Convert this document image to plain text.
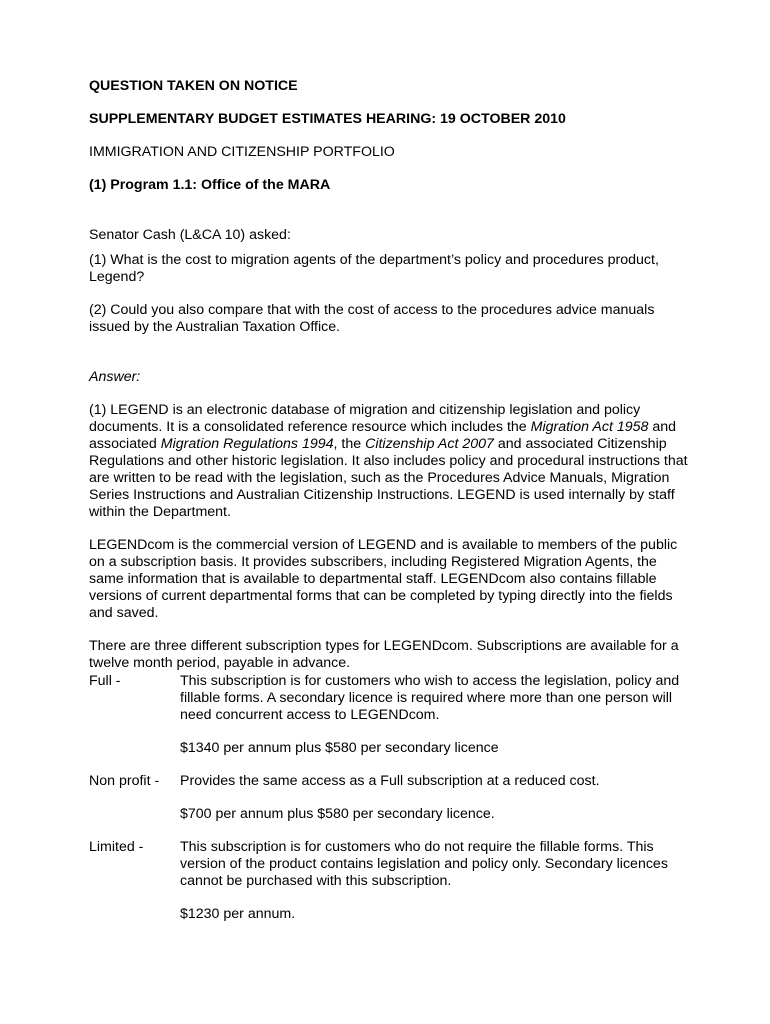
QUESTION TAKEN ON NOTICE

SUPPLEMENTARY BUDGET ESTIMATES HEARING: 19 OCTOBER 2010

IMMIGRATION AND CITIZENSHIP PORTFOLIO

(1) Program 1.1: Office of the MARA

Senator Cash (L&CA 10) asked:

(1) What is the cost to migration agents of the department’s policy and procedures product, Legend?

(2) Could you also compare that with the cost of access to the procedures advice manuals issued by the Australian Taxation Office.

Answer:

(1) LEGEND is an electronic database of migration and citizenship legislation and policy documents. It is a consolidated reference resource which includes the Migration Act 1958 and associated Migration Regulations 1994, the Citizenship Act 2007 and associated Citizenship Regulations and other historic legislation. It also includes policy and procedural instructions that are written to be read with the legislation, such as the Procedures Advice Manuals, Migration Series Instructions and Australian Citizenship Instructions. LEGEND is used internally by staff within the Department.

LEGENDcom is the commercial version of LEGEND and is available to members of the public on a subscription basis. It provides subscribers, including Registered Migration Agents, the same information that is available to departmental staff. LEGENDcom also contains fillable versions of current departmental forms that can be completed by typing directly into the fields and saved.

There are three different subscription types for LEGENDcom. Subscriptions are available for a twelve month period, payable in advance.

Full -	This subscription is for customers who wish to access the legislation, policy and fillable forms. A secondary licence is required where more than one person will need concurrent access to LEGENDcom.

$1340 per annum plus $580 per secondary licence

Non profit -	Provides the same access as a Full subscription at a reduced cost.

$700 per annum plus $580 per secondary licence.

Limited -	This subscription is for customers who do not require the fillable forms. This version of the product contains legislation and policy only. Secondary licences cannot be purchased with this subscription.

$1230 per annum.
